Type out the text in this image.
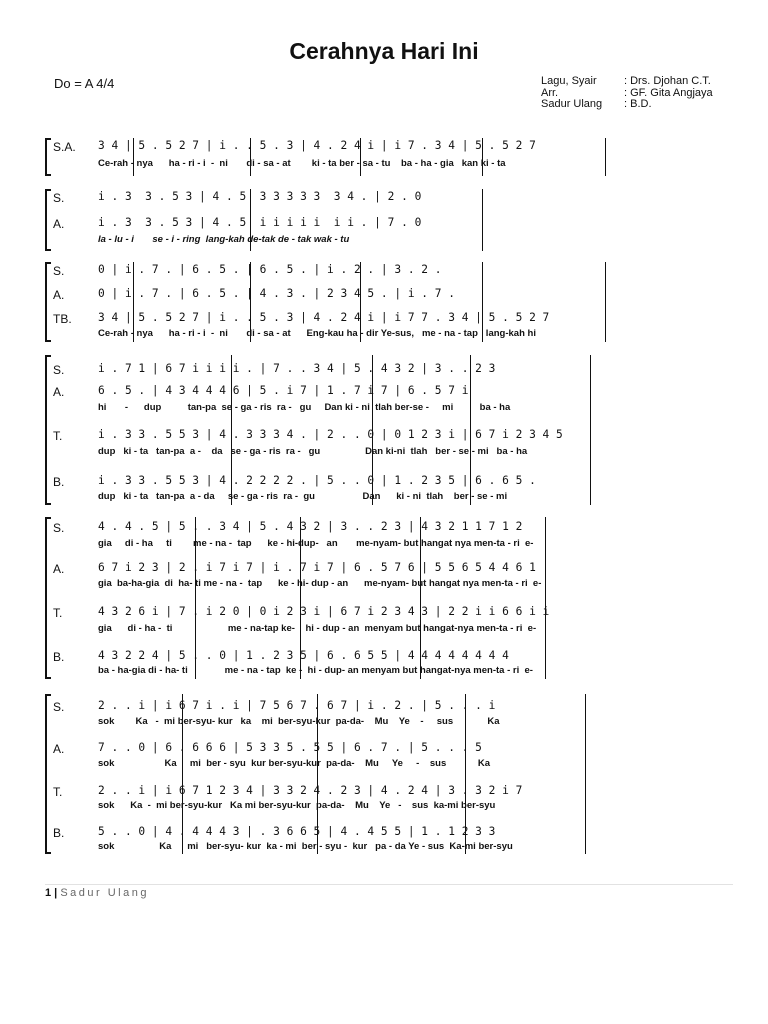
Cerahnya Hari Ini
Do = A 4/4	Lagu, Syair	: Drs. Djohan C.T.
Arr.	: GF. Gita Angjaya
Sadur Ulang	: B.D.
S.A. 3 4 | 5 . 5 2 7 | i . . 5 . 3 | 4 . 2 4 i | i 7 . 3 4 | 5 . 5 2 7
Ce-rah - nya      ha - ri - i  -  ni       di - sa - at        ki - ta ber - sa - tu    ba - ha - gia   kan ki - ta
S.	i . 3  3 . 5 3 | 4 . 5  3 3 3 3 3  3 4 . | 2 . 0
A.	i . 3  3 . 5 3 | 4 . 5  i i i i i  i i . | 7 . 0
la - lu - i       se - i - ring  lang-kah de-tak de - tak wak - tu
S.	0 | i . 7 . | 6 . 5 . | 6 . 5 . | i . 2 . | 3 . 2 .
A.	0 | i . 7 . | 6 . 5 . | 4 . 3 . | 2 3 4 5 . | i . 7 .
TB. 3 4 | 5 . 5 2 7 | i . . 5 . 3 | 4 . 2 4 i | i 7 7 . 3 4 | 5 . 5 2 7
Ce-rah - nya      ha - ri - i  -  ni       di - sa - at      Eng-kau ha - dir Ye-sus,   me - na - tap   lang-kah hi
S.	i . 7 1 | 6 7 i i i i . | 7 . . 3 4 | 5 . 4 3 2 | 3 . . 2 3
A.	6 . 5 . | 4 3 4 4 4 6 | 5 . i 7 | 1 . 7 i 7 | 6 . 5 7 i
hi       -      dup          tan-pa  se - ga - ris  ra -   gu     Dan ki - ni  tlah ber-se -     mi          ba - ha
T.	i . 3 3 . 5 5 3 | 4 . 3 3 3 4 . | 2 . . 0 | 0 1 2 3 i | 6 7 i 2 3 4 5
dup   ki - ta   tan-pa  a -    da   se - ga - ris  ra -   gu                 Dan ki-ni  tlah   ber - se - mi   ba - ha
B.	i . 3 3 . 5 5 3 | 4 . 2 2 2 2 . | 5 . . 0 | 1 . 2 3 5 | 6 . 6 5 .
dup   ki - ta   tan-pa  a - da     se - ga - ris  ra -  gu                  Dan      ki - ni  tlah    ber - se - mi
S.	4 . 4 . 5 | 5 . . 3 4 | 5 . 4 3 2 | 3 . . 2 3 | 4 3 2 1 1 7 1 2
gia     di - ha     ti        me - na -  tap      ke - hi-dup-   an       me-nyam- but hangat nya men-ta - ri  e-
A.	6 7 i 2 3 | 2 . i 7 i 7 | i . 7 i 7 | 6 . 5 7 6 | 5 5 6 5 4 4 6 1
gia  ba-ha-gia  di  ha- ti me - na -  tap      ke - hi- dup - an      me-nyam- but hangat nya men-ta - ri  e-
T.	4 3 2 6 i | 7 . i 2 0 | 0 i 2 3 i | 6 7 i 2 3 4 3 | 2 2 i i 6 6 i i
gia      di - ha -  ti                     me - na-tap ke-    hi - dup - an  menyam but hangat-nya men-ta - ri  e-
B.	4 3 2 2 4 | 5 . . 0 | 1 . 2 3 5 | 6 . 6 5 5 | 4 4 4 4 4 4 4 4
ba - ha-gia di - ha- ti              me - na - tap  ke -  hi - dup- an menyam but hangat-nya men-ta - ri  e-
S.	2 . . i | i 6 7 i . i | 7 5 6 7 . 6 7 | i . 2 . | 5 . . . i
sok        Ka   -  mi ber-syu- kur   ka    mi  ber-syu-kur  pa-da-    Mu    Ye    -     sus             Ka
A.	7 . . 0 | 6 . 6 6 6 | 5 3 3 5 . 5 5 | 6 . 7 . | 5 . . . 5
sok                   Ka     mi  ber - syu  kur ber-syu-kur  pa-da-    Mu     Ye     -    sus            Ka
T.	2 . . i | i 6 7 1 2 3 4 | 3 3 2 4 . 2 3 | 4 . 2 4 | 3 . 3 2 i 7
sok      Ka  -  mi ber-syu-kur   Ka mi ber-syu-kur  pa-da-    Mu    Ye   -    sus  ka-mi ber-syu
B.	5 . . 0 | 4 . 4 4 4 3 | . 3 6 6 5 | 4 . 4 5 5 | 1 . 1 2 3 3
sok                 Ka      mi   ber-syu- kur  ka - mi  ber - syu -  kur   pa - da Ye - sus  Ka-mi ber-syu
1 | Sadur Ulang
